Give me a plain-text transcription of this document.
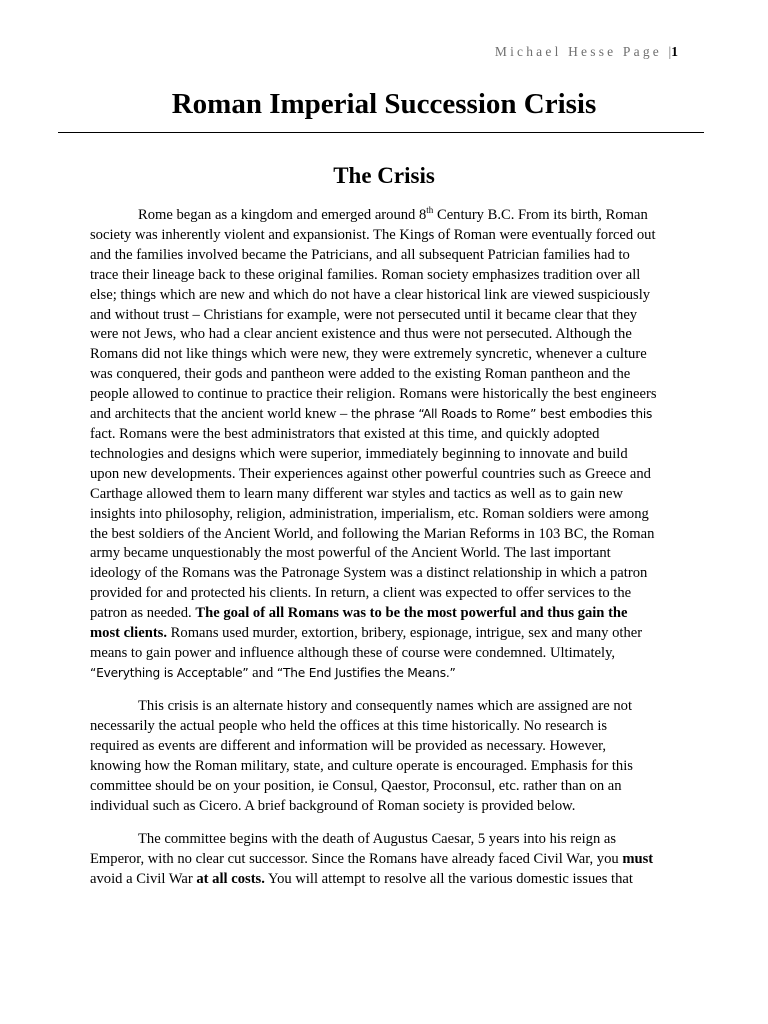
Michael Hesse Page |1
Roman Imperial Succession Crisis
The Crisis
Rome began as a kingdom and emerged around 8th Century B.C. From its birth, Roman
society was inherently violent and expansionist. The Kings of Roman were eventually forced out
and the families involved became the Patricians, and all subsequent Patrician families had to
trace their lineage back to these original families. Roman society emphasizes tradition over all
else; things which are new and which do not have a clear historical link are viewed suspiciously
and without trust – Christians for example, were not persecuted until it became clear that they
were not Jews, who had a clear ancient existence and thus were not persecuted. Although the
Romans did not like things which were new, they were extremely syncretic, whenever a culture
was conquered, their gods and pantheon were added to the existing Roman pantheon and the
people allowed to continue to practice their religion. Romans were historically the best engineers
and architects that the ancient world knew – the phrase “All Roads to Rome” best embodies this
fact. Romans were the best administrators that existed at this time, and quickly adopted
technologies and designs which were superior, immediately beginning to innovate and build
upon new developments. Their experiences against other powerful countries such as Greece and
Carthage allowed them to learn many different war styles and tactics as well as to gain new
insights into philosophy, religion, administration, imperialism, etc. Roman soldiers were among
the best soldiers of the Ancient World, and following the Marian Reforms in 103 BC, the Roman
army became unquestionably the most powerful of the Ancient World. The last important
ideology of the Romans was the Patronage System was a distinct relationship in which a patron
provided for and protected his clients. In return, a client was expected to offer services to the
patron as needed. The goal of all Romans was to be the most powerful and thus gain the
most clients. Romans used murder, extortion, bribery, espionage, intrigue, sex and many other
means to gain power and influence although these of course were condemned. Ultimately,
“Everything is Acceptable” and “The End Justifies the Means.”
This crisis is an alternate history and consequently names which are assigned are not
necessarily the actual people who held the offices at this time historically. No research is
required as events are different and information will be provided as necessary. However,
knowing how the Roman military, state, and culture operate is encouraged. Emphasis for this
committee should be on your position, ie Consul, Qaestor, Proconsul, etc. rather than on an
individual such as Cicero. A brief background of Roman society is provided below.
The committee begins with the death of Augustus Caesar, 5 years into his reign as
Emperor, with no clear cut successor. Since the Romans have already faced Civil War, you must
avoid a Civil War at all costs. You will attempt to resolve all the various domestic issues that
